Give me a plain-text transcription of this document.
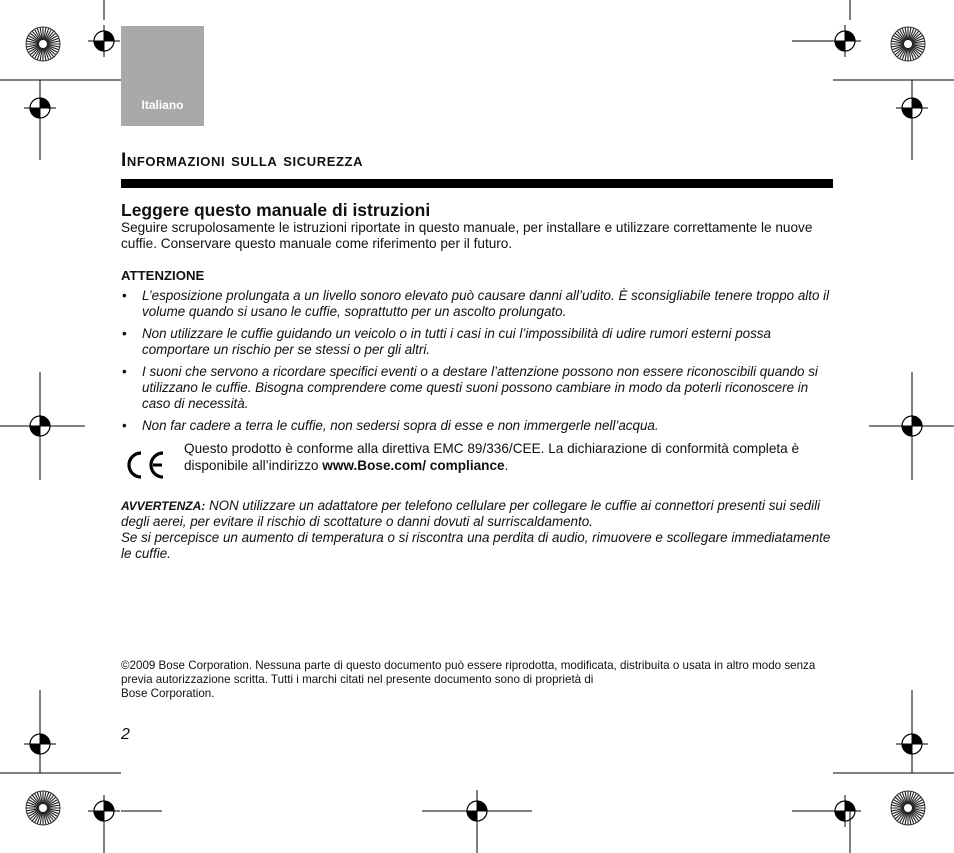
Italiano
Informazioni sulla sicurezza
Leggere questo manuale di istruzioni

Seguire scrupolosamente le istruzioni riportate in questo manuale, per installare e utilizzare correttamente le nuove cuffie. Conservare questo manuale come riferimento per il futuro.

ATTENZIONE

• L’esposizione prolungata a un livello sonoro elevato può causare danni all’udito. È sconsigliabile tenere troppo alto il volume quando si usano le cuffie, soprattutto per un ascolto prolungato.
• Non utilizzare le cuffie guidando un veicolo o in tutti i casi in cui l’impossibilità di udire rumori esterni possa comportare un rischio per se stessi o per gli altri.
• I suoni che servono a ricordare specifici eventi o a destare l’attenzione possono non essere riconoscibili quando si utilizzano le cuffie. Bisogna comprendere come questi suoni possono cambiare in modo da poterli riconoscere in caso di necessità.
• Non far cadere a terra le cuffie, non sedersi sopra di esse e non immergerle nell’acqua.

Questo prodotto è conforme alla direttiva EMC 89/336/CEE. La dichiarazione di conformità completa è disponibile all’indirizzo www.Bose.com/ compliance.

AVVERTENZA: NON utilizzare un adattatore per telefono cellulare per collegare le cuffie ai connettori presenti sui sedili degli aerei, per evitare il rischio di scottature o danni dovuti al surriscaldamento.
Se si percepisce un aumento di temperatura o si riscontra una perdita di audio, rimuovere e scollegare immediatamente le cuffie.

©2009 Bose Corporation. Nessuna parte di questo documento può essere riprodotta, modificata, distribuita o usata in altro modo senza previa autorizzazione scritta. Tutti i marchi citati nel presente documento sono di proprietà di
Bose Corporation.

2
